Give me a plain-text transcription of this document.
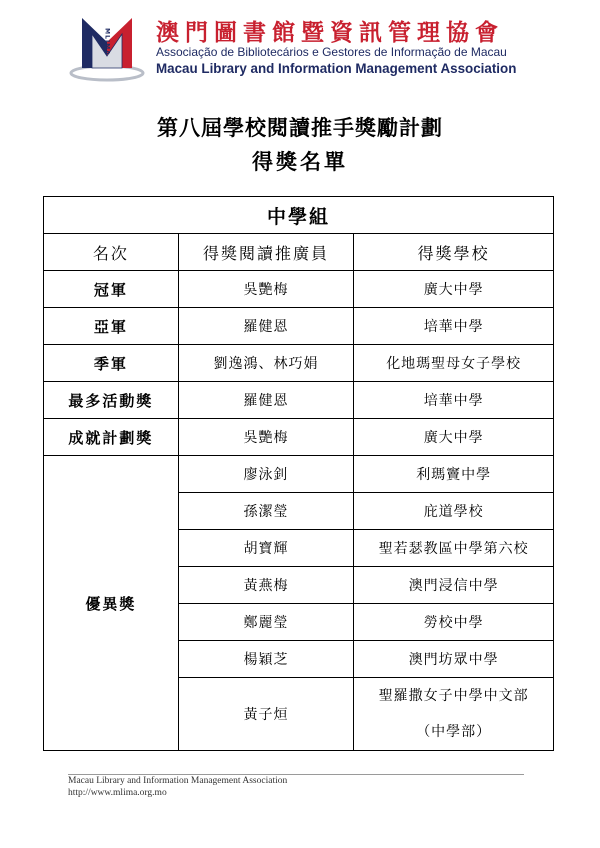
MLIMA 澳門圖書館暨資訊管理協會
Associação de Bibliotecários e Gestores de Informação de Macau
Macau Library and Information Management Association
第八屆學校閱讀推手獎勵計劃
得獎名單
中學組		
名次	得獎閱讀推廣員	得獎學校
冠軍	吳艷梅	廣大中學
亞軍	羅健恩	培華中學
季軍	劉逸鴻、林巧娟	化地瑪聖母女子學校
最多活動獎	羅健恩	培華中學
成就計劃獎	吳艷梅	廣大中學
優異獎	廖泳釗	利瑪竇中學
	孫潔瑩	庇道學校
	胡寶輝	聖若瑟教區中學第六校
	黃燕梅	澳門浸信中學
	鄭麗瑩	勞校中學
	楊穎芝	澳門坊眾中學
	黃子烜	聖羅撒女子中學中文部
（中學部）
Macau Library and Information Management Association
http://www.mlima.org.mo
